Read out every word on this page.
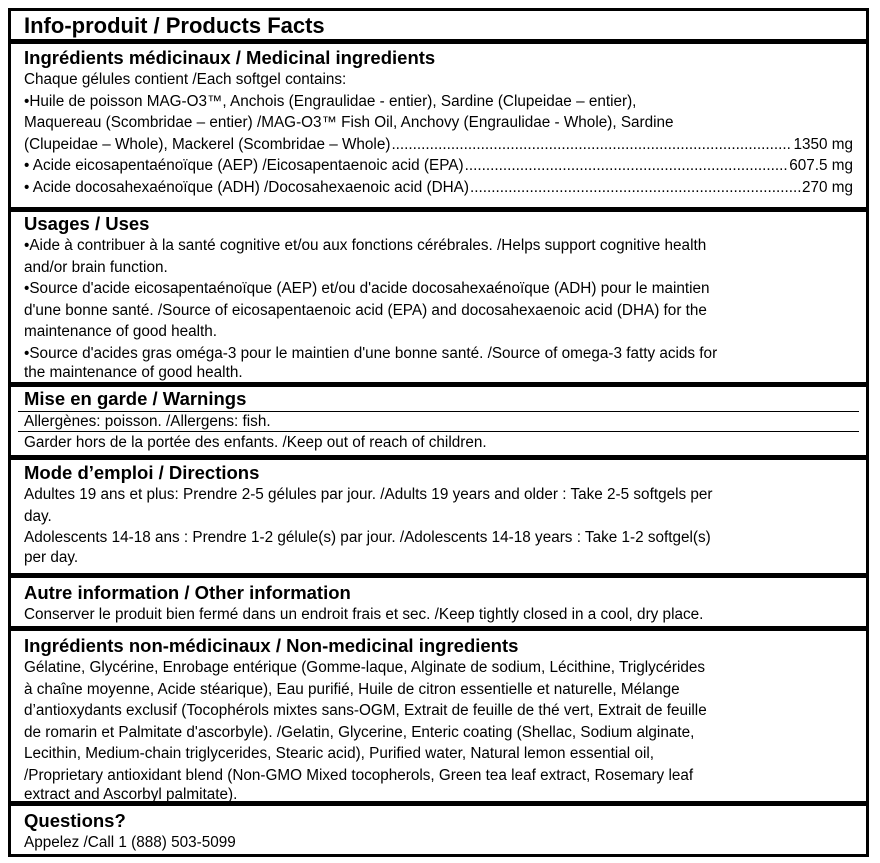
Info-produit / Products Facts
Ingrédients médicinaux / Medicinal ingredients
Chaque gélules contient /Each softgel contains:
•Huile de poisson MAG-O3™, Anchois (Engraulidae - entier), Sardine (Clupeidae – entier),
Maquereau (Scombridae – entier) /MAG-O3™ Fish Oil, Anchovy (Engraulidae - Whole), Sardine
(Clupeidae – Whole), Mackerel (Scombridae – Whole) .....	1350 mg
• Acide eicosapentaénoïque (AEP) /Eicosapentaenoic acid (EPA) .....	607.5 mg
• Acide docosahexaénoïque (ADH) /Docosahexaenoic acid (DHA) .....	270 mg
Usages / Uses
•Aide à contribuer à la santé cognitive et/ou aux fonctions cérébrales. /Helps support cognitive health
and/or brain function.
•Source d'acide eicosapentaénoïque (AEP) et/ou d'acide docosahexaénoïque (ADH) pour le maintien
d'une bonne santé. /Source of eicosapentaenoic acid (EPA) and docosahexaenoic acid (DHA) for the
maintenance of good health.
•Source d'acides gras oméga-3 pour le maintien d'une bonne santé. /Source of omega-3 fatty acids for
the maintenance of good health.
Mise en garde / Warnings
Allergènes: poisson. /Allergens: fish.
Garder hors de la portée des enfants. /Keep out of reach of children.
Mode d’emploi / Directions
Adultes 19 ans et plus: Prendre 2-5 gélules par jour. /Adults 19 years and older : Take 2-5 softgels per
day.
Adolescents 14-18 ans : Prendre 1-2 gélule(s) par jour. /Adolescents 14-18 years : Take 1-2 softgel(s)
per day.
Autre information / Other information
Conserver le produit bien fermé dans un endroit frais et sec. /Keep tightly closed in a cool, dry place.
Ingrédients non-médicinaux / Non-medicinal ingredients
Gélatine, Glycérine, Enrobage entérique (Gomme-laque, Alginate de sodium, Lécithine, Triglycérides
à chaîne moyenne, Acide stéarique), Eau purifié, Huile de citron essentielle et naturelle, Mélange
d’antioxydants exclusif (Tocophérols mixtes sans-OGM, Extrait de feuille de thé vert, Extrait de feuille
de romarin et Palmitate d'ascorbyle). /Gelatin, Glycerine, Enteric coating (Shellac, Sodium alginate,
Lecithin, Medium-chain triglycerides, Stearic acid), Purified water, Natural lemon essential oil,
/Proprietary antioxidant blend (Non-GMO Mixed tocopherols, Green tea leaf extract, Rosemary leaf
extract and Ascorbyl palmitate).
Questions?
Appelez /Call 1 (888) 503-5099
